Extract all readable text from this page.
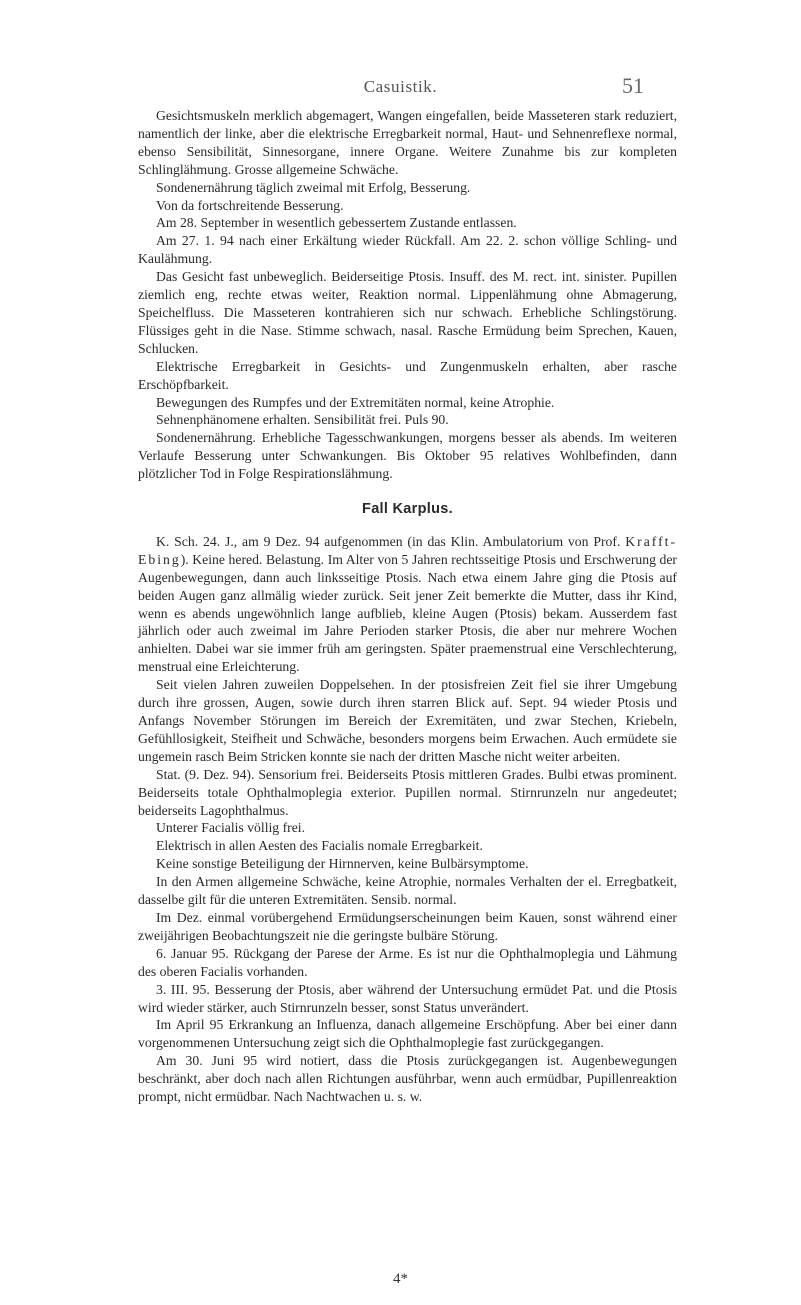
Casuistik.	51

Gesichtsmuskeln merklich abgemagert, Wangen eingefallen, beide Masseteren stark reduziert, namentlich der linke, aber die elektrische Erregbarkeit normal, Haut- und Sehnenreflexe normal, ebenso Sensibilität, Sinnesorgane, innere Organe. Weitere Zunahme bis zur kompleten Schlinglähmung. Grosse allgemeine Schwäche.

Sondenernährung täglich zweimal mit Erfolg, Besserung.

Von da fortschreitende Besserung.

Am 28. September in wesentlich gebessertem Zustande entlassen.

Am 27. 1. 94 nach einer Erkältung wieder Rückfall. Am 22. 2. schon völlige Schling- und Kaulähmung.

Das Gesicht fast unbeweglich. Beiderseitige Ptosis. Insuff. des M. rect. int. sinister. Pupillen ziemlich eng, rechte etwas weiter, Reaktion normal. Lippenlähmung ohne Abmagerung, Speichelfluss. Die Masseteren kontrahieren sich nur schwach. Erhebliche Schlingstörung. Flüssiges geht in die Nase. Stimme schwach, nasal. Rasche Ermüdung beim Sprechen, Kauen, Schlucken.

Elektrische Erregbarkeit in Gesichts- und Zungenmuskeln erhalten, aber rasche Erschöpfbarkeit.

Bewegungen des Rumpfes und der Extremitäten normal, keine Atrophie.

Sehnenphänomene erhalten. Sensibilität frei. Puls 90.

Sondenernährung. Erhebliche Tagesschwankungen, morgens besser als abends. Im weiteren Verlaufe Besserung unter Schwankungen. Bis Oktober 95 relatives Wohlbefinden, dann plötzlicher Tod in Folge Respirationslähmung.

Fall Karplus.

K. Sch. 24. J., am 9 Dez. 94 aufgenommen (in das Klin. Ambulatorium von Prof. Krafft-Ebing). Keine hered. Belastung. Im Alter von 5 Jahren rechtsseitige Ptosis und Erschwerung der Augenbewegungen, dann auch linksseitige Ptosis. Nach etwa einem Jahre ging die Ptosis auf beiden Augen ganz allmälig wieder zurück. Seit jener Zeit bemerkte die Mutter, dass ihr Kind, wenn es abends ungewöhnlich lange aufblieb, kleine Augen (Ptosis) bekam. Ausserdem fast jährlich oder auch zweimal im Jahre Perioden starker Ptosis, die aber nur mehrere Wochen anhielten. Dabei war sie immer früh am geringsten. Später praemenstrual eine Verschlechterung, menstrual eine Erleichterung.

Seit vielen Jahren zuweilen Doppelsehen. In der ptosisfreien Zeit fiel sie ihrer Umgebung durch ihre grossen, Augen, sowie durch ihren starren Blick auf. Sept. 94 wieder Ptosis und Anfangs November Störungen im Bereich der Exremitäten, und zwar Stechen, Kriebeln, Gefühllosigkeit, Steifheit und Schwäche, besonders morgens beim Erwachen. Auch ermüdete sie ungemein rasch Beim Stricken konnte sie nach der dritten Masche nicht weiter arbeiten.

Stat. (9. Dez. 94). Sensorium frei. Beiderseits Ptosis mittleren Grades. Bulbi etwas prominent. Beiderseits totale Ophthalmoplegia exterior. Pupillen normal. Stirnrunzeln nur angedeutet; beiderseits Lagophthalmus.

Unterer Facialis völlig frei.

Elektrisch in allen Aesten des Facialis nomale Erregbarkeit.

Keine sonstige Beteiligung der Hirnnerven, keine Bulbärsymptome.

In den Armen allgemeine Schwäche, keine Atrophie, normales Verhalten der el. Erregbatkeit, dasselbe gilt für die unteren Extremitäten. Sensib. normal.

Im Dez. einmal vorübergehend Ermüdungserscheinungen beim Kauen, sonst während einer zweijährigen Beobachtungszeit nie die geringste bulbäre Störung.

6. Januar 95. Rückgang der Parese der Arme. Es ist nur die Ophthalmoplegia und Lähmung des oberen Facialis vorhanden.

3. III. 95. Besserung der Ptosis, aber während der Untersuchung ermüdet Pat. und die Ptosis wird wieder stärker, auch Stirnrunzeln besser, sonst Status unverändert.

Im April 95 Erkrankung an Influenza, danach allgemeine Erschöpfung. Aber bei einer dann vorgenommenen Untersuchung zeigt sich die Ophthalmoplegie fast zurückgegangen.

Am 30. Juni 95 wird notiert, dass die Ptosis zurückgegangen ist. Augenbewegungen beschränkt, aber doch nach allen Richtungen ausführbar, wenn auch ermüdbar, Pupillenreaktion prompt, nicht ermüdbar. Nach Nachtwachen u. s. w.

4*
